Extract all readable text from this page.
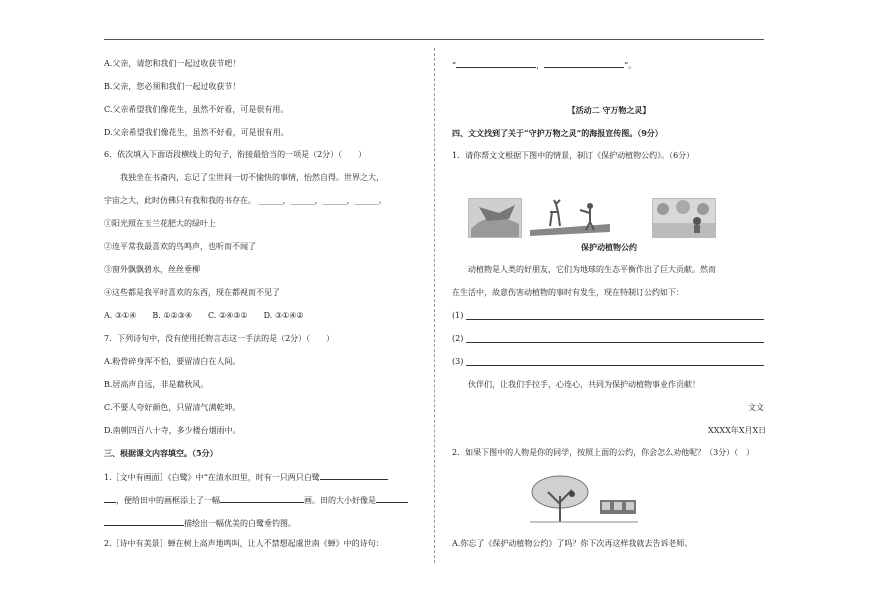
A.父亲，请您和我们一起过收获节吧！
B.父亲，您必须和我们一起过收获节！
C.父亲希望我们像花生，虽然不好看，可是很有用。
D.父亲希望我们像花生，虽然不好看，可是很有用。
6．依次填入下面语段横线上的句子，衔接最恰当的一项是（2分）（　　）
我独坐在书斋内，忘记了尘世间一切不愉快的事情，怡然自得。世界之大，
宇宙之大，此时仿佛只有我和我的书存在。 ______，______，______，______。
①阳光照在玉兰花肥大的绿叶上
②连平常我最喜欢的鸟鸣声，也听而不闻了
③窗外飘飘碧水，丝丝垂柳
④这些都是我平时喜欢的东西，现在都视而不见了
A. ③①④　　B. ①②③④　　C. ②④③①　　D. ③①④②
7．下列诗句中，没有使用托物言志这一手法的是（2分）（　　）
A.粉骨碎身浑不怕，要留清白在人间。
B.居高声自远，非是藉秋风。
C.不要人夸好颜色，只留清气满乾坤。
D.南朝四百八十寺，多少楼台烟雨中。
三、根据课文内容填空。（5分）
1.［文中有画面］《白鹭》中“在清水田里，时有一只两只白鹭
，便给田中的画框添上了一幅	画。田的大小好像是
描绘出一幅优美的白鹭垂钓图。
2.［诗中有美景］蝉在树上高声地鸣叫，让人不禁想起虞世南《蝉》中的诗句：
“	，	”。
【活动二 守万物之灵】
四、文文找到了关于“守护万物之灵”的海报宣传图。（9分）
1．请你帮文文根据下图中的情景，制订《保护动植物公约》。（6分）
保护动植物公约
动植物是人类的好朋友，它们为地球的生态平衡作出了巨大贡献。然而
在生活中，故意伤害动植物的事时有发生，现在特制订公约如下：
(1)
(2)
(3)
伙伴们，让我们手拉手，心连心，共同为保护动植物事业作贡献！
文文
XXXX年X月X日
2．如果下图中的人物是你的同学，按照上面的公约，你会怎么劝他呢？（3分）（　）
A.你忘了《保护动植物公约》了吗？你下次再这样我就去告诉老师。
